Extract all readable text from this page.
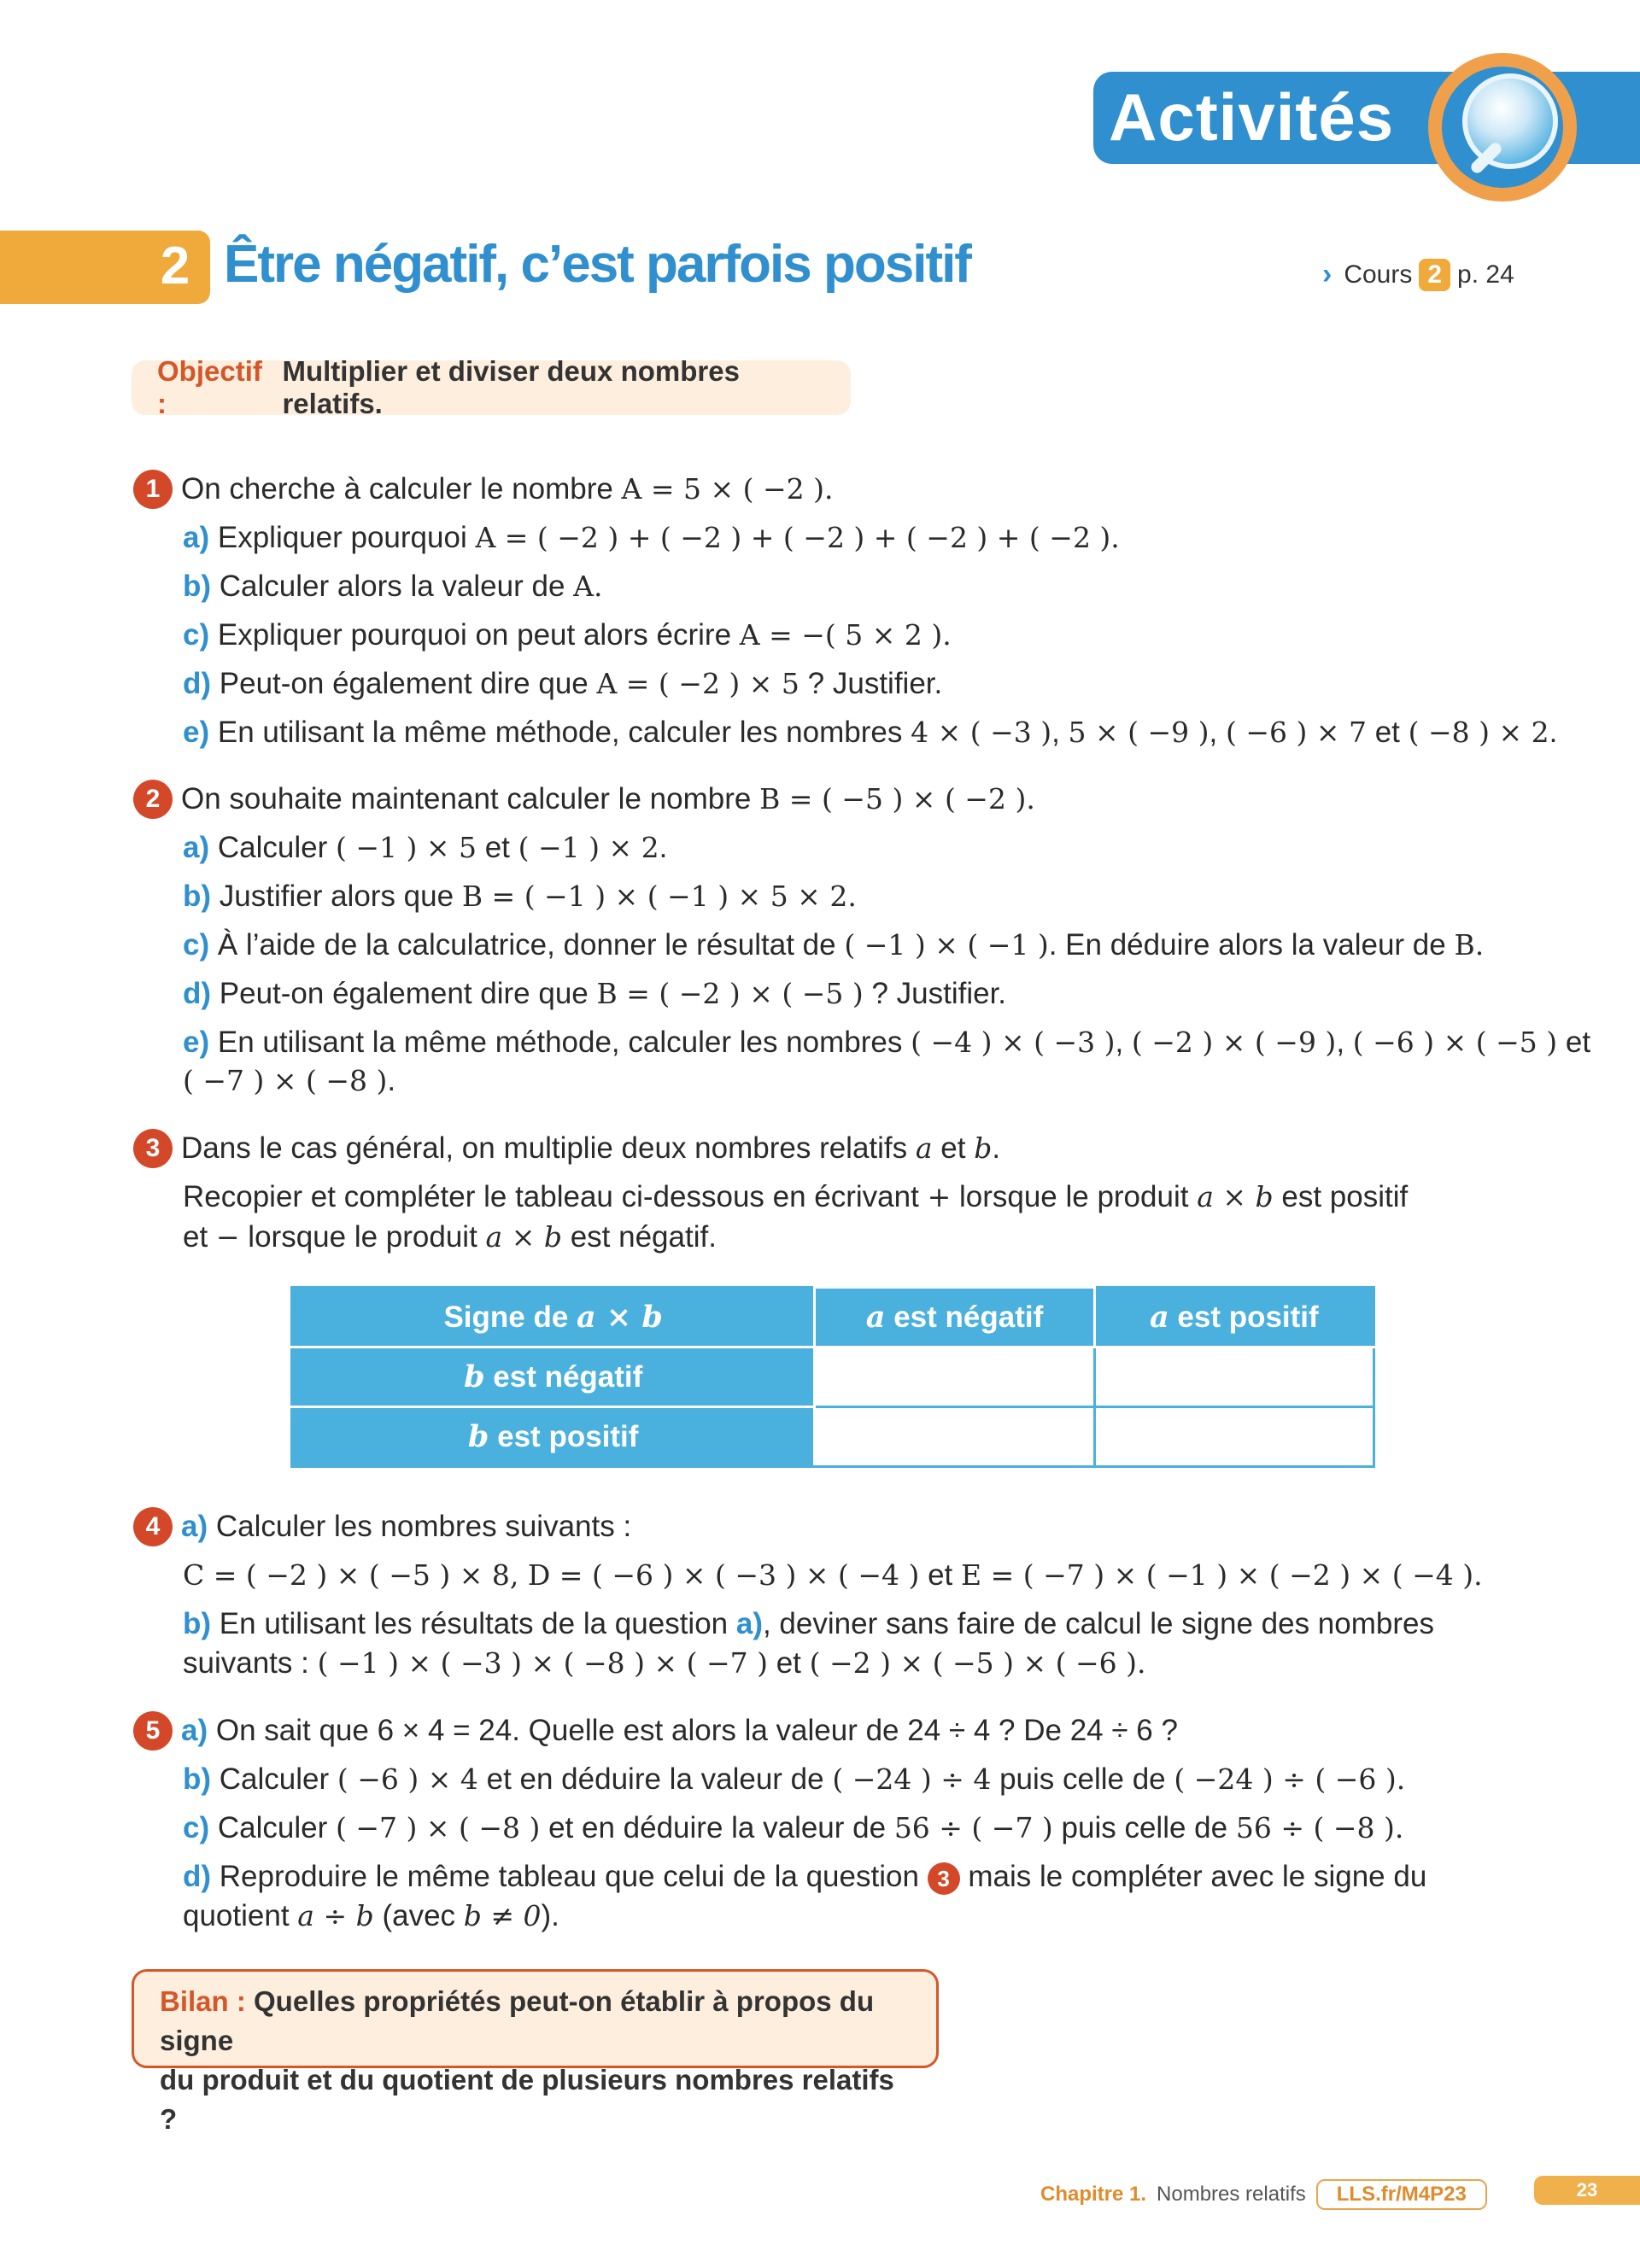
Activités
2 Être négatif, c’est parfois positif	› Cours 2 p. 24
Objectif :

Multiplier et diviser deux nombres relatifs.
1 On cherche à calculer le nombre A = 5 × ( −2 ).
a) Expliquer pourquoi A = ( −2 ) + ( −2 ) + ( −2 ) + ( −2 ) + ( −2 ).
b) Calculer alors la valeur de A.
c) Expliquer pourquoi on peut alors écrire A = −( 5 × 2 ).
d) Peut-on également dire que A = ( −2 ) × 5 ? Justifier.
e) En utilisant la même méthode, calculer les nombres 4 × ( −3 ), 5 × ( −9 ), ( −6 ) × 7 et ( −8 ) × 2.
2 On souhaite maintenant calculer le nombre B = ( −5 ) × ( −2 ).
a) Calculer ( −1 ) × 5 et ( −1 ) × 2.
b) Justifier alors que B = ( −1 ) × ( −1 ) × 5 × 2.
c) À l’aide de la calculatrice, donner le résultat de ( −1 ) × ( −1 ). En déduire alors la valeur de B.
d) Peut-on également dire que B = ( −2 ) × ( −5 ) ? Justifier.
e) En utilisant la même méthode, calculer les nombres ( −4 ) × ( −3 ), ( −2 ) × ( −9 ), ( −6 ) × ( −5 ) et
( −7 ) × ( −8 ).
3 Dans le cas général, on multiplie deux nombres relatifs a et b.
Recopier et compléter le tableau ci-dessous en écrivant + lorsque le produit a × b est positif
et − lorsque le produit a × b est négatif.
Signe de a × b	a est négatif	a est positif
b est négatif		
b est positif		
4 a) Calculer les nombres suivants :
C = ( −2 ) × ( −5 ) × 8, D = ( −6 ) × ( −3 ) × ( −4 ) et E = ( −7 ) × ( −1 ) × ( −2 ) × ( −4 ).
b) En utilisant les résultats de la question a), deviner sans faire de calcul le signe des nombres
suivants : ( −1 ) × ( −3 ) × ( −8 ) × ( −7 ) et ( −2 ) × ( −5 ) × ( −6 ).
5 a) On sait que 6 × 4 = 24. Quelle est alors la valeur de 24 ÷ 4 ? De 24 ÷ 6 ?
b) Calculer ( −6 ) × 4 et en déduire la valeur de ( −24 ) ÷ 4 puis celle de ( −24 ) ÷ ( −6 ).
c) Calculer ( −7 ) × ( −8 ) et en déduire la valeur de 56 ÷ ( −7 ) puis celle de 56 ÷ ( −8 ).
d) Reproduire le même tableau que celui de la question 3 mais le compléter avec le signe du
quotient a ÷ b (avec b ≠ 0).
Bilan : Quelles propriétés peut-on établir à propos du signe
du produit et du quotient de plusieurs nombres relatifs ?
Chapitre 1. Nombres relatifs	LLS.fr/M4P23	23
